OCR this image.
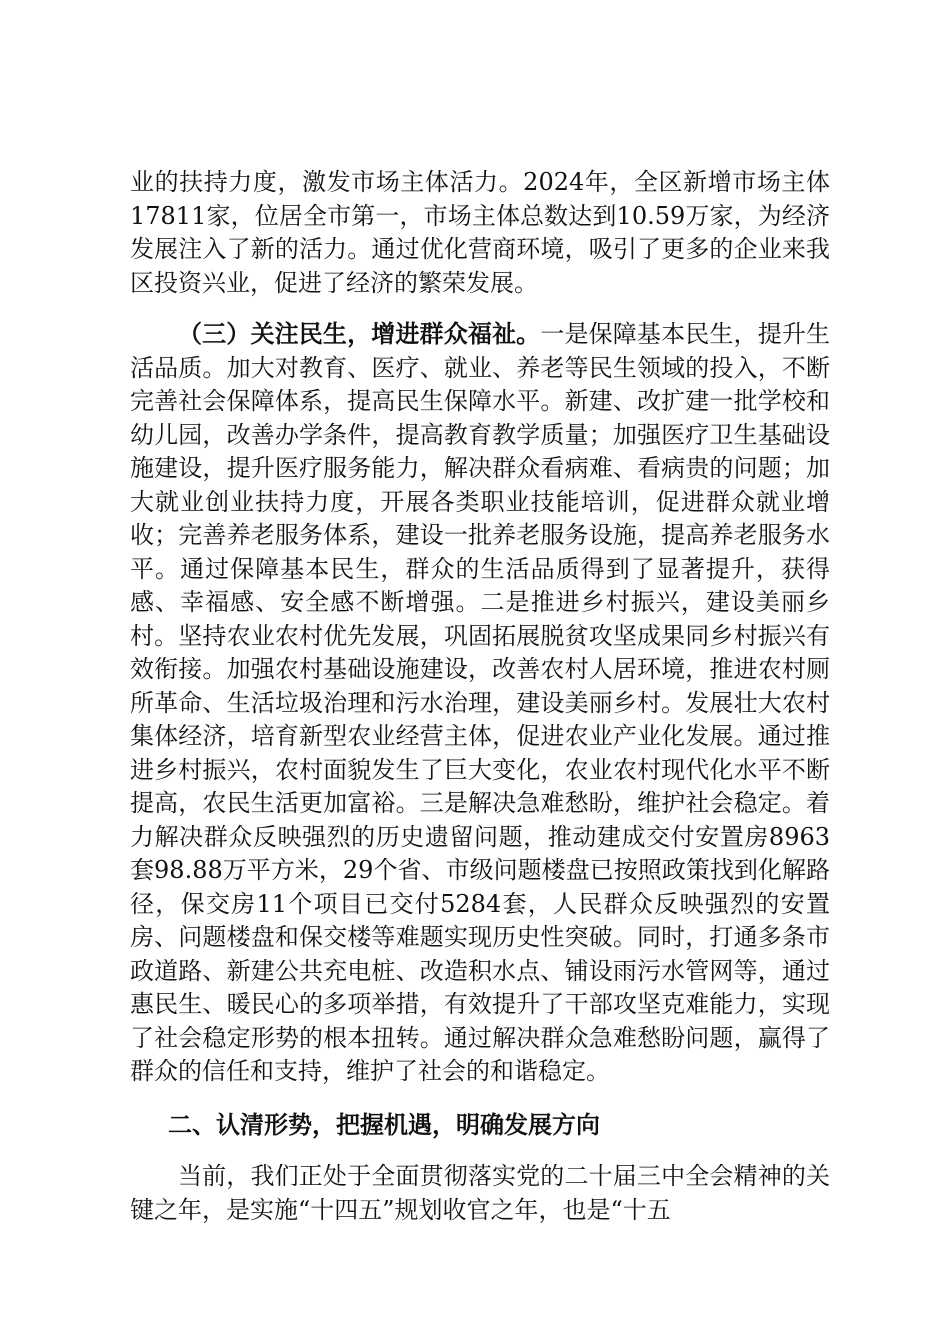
业的扶持力度，激发市场主体活力。2024年，全区新增市场主体17811家，位居全市第一，市场主体总数达到10.59万家，为经济发展注入了新的活力。通过优化营商环境，吸引了更多的企业来我区投资兴业，促进了经济的繁荣发展。

（三）关注民生，增进群众福祉。一是保障基本民生，提升生活品质。加大对教育、医疗、就业、养老等民生领域的投入，不断完善社会保障体系，提高民生保障水平。新建、改扩建一批学校和幼儿园，改善办学条件，提高教育教学质量；加强医疗卫生基础设施建设，提升医疗服务能力，解决群众看病难、看病贵的问题；加大就业创业扶持力度，开展各类职业技能培训，促进群众就业增收；完善养老服务体系，建设一批养老服务设施，提高养老服务水平。通过保障基本民生，群众的生活品质得到了显著提升，获得感、幸福感、安全感不断增强。二是推进乡村振兴，建设美丽乡村。坚持农业农村优先发展，巩固拓展脱贫攻坚成果同乡村振兴有效衔接。加强农村基础设施建设，改善农村人居环境，推进农村厕所革命、生活垃圾治理和污水治理，建设美丽乡村。发展壮大农村集体经济，培育新型农业经营主体，促进农业产业化发展。通过推进乡村振兴，农村面貌发生了巨大变化，农业农村现代化水平不断提高，农民生活更加富裕。三是解决急难愁盼，维护社会稳定。着力解决群众反映强烈的历史遗留问题，推动建成交付安置房8963套98.88万平方米，29个省、市级问题楼盘已按照政策找到化解路径，保交房11个项目已交付5284套，人民群众反映强烈的安置房、问题楼盘和保交楼等难题实现历史性突破。同时，打通多条市政道路、新建公共充电桩、改造积水点、铺设雨污水管网等，通过惠民生、暖民心的多项举措，有效提升了干部攻坚克难能力，实现了社会稳定形势的根本扭转。通过解决群众急难愁盼问题，赢得了群众的信任和支持，维护了社会的和谐稳定。

二、认清形势，把握机遇，明确发展方向

当前，我们正处于全面贯彻落实党的二十届三中全会精神的关键之年，是实施“十四五”规划收官之年，也是“十五
